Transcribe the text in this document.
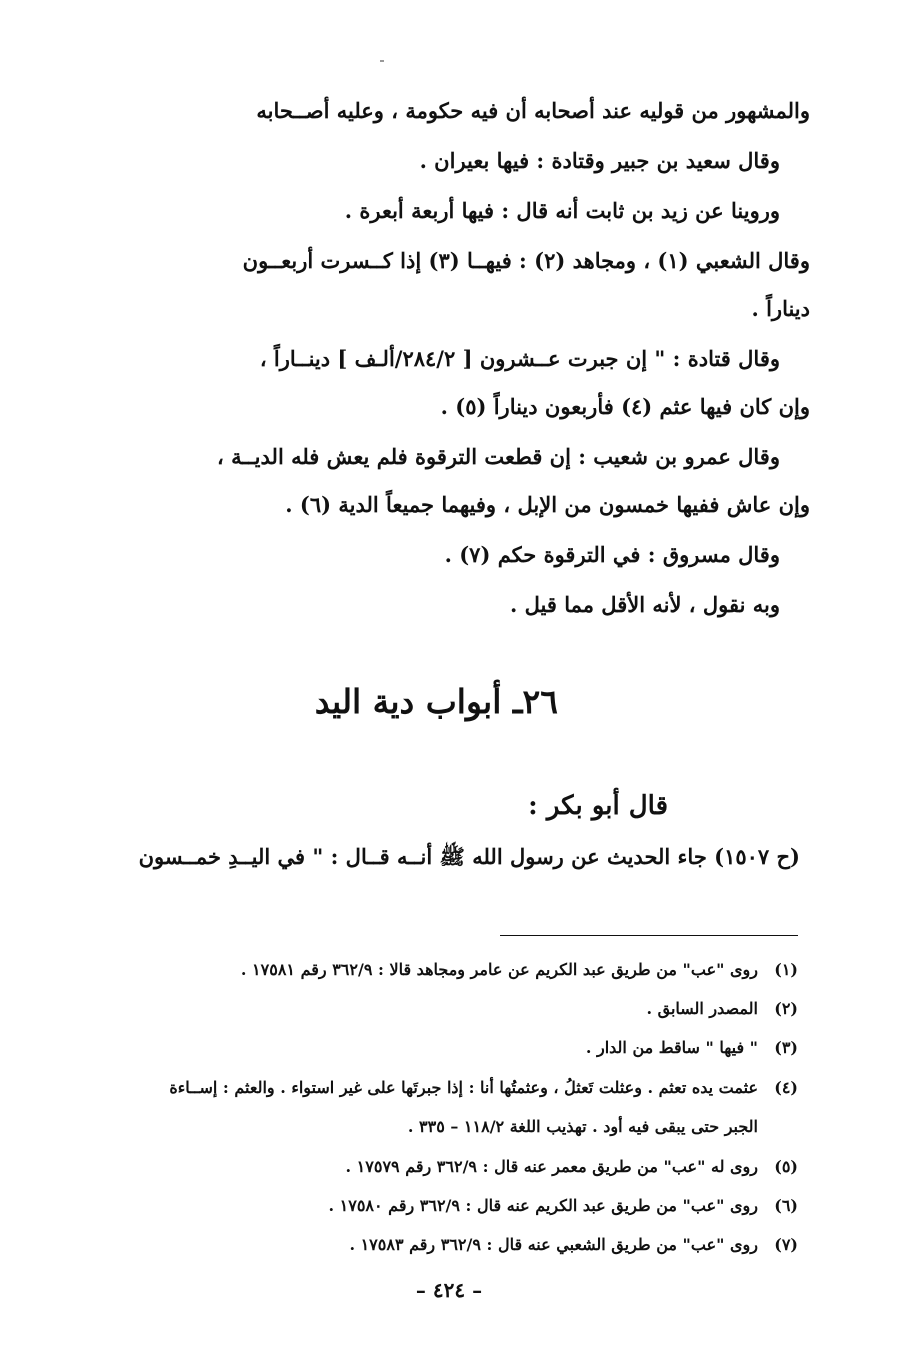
والمشهور من قوليه عند أصحابه أن فيه حكومة ، وعليه أصــحابه
وقال سعيد بن جبير وقتادة : فيها بعيران .
وروينا عن زيد بن ثابت أنه قال : فيها أربعة أبعرة .
وقال الشعبي (١) ، ومجاهد (٢) : فيهــا (٣) إذا كــسرت أربعــون
ديناراً .
وقال قتادة : " إن جبرت عــشرون [ ٢٨٤/٢/ألـف ] دينــاراً ،
وإن كان فيها عثم (٤) فأربعون ديناراً (٥) .
وقال عمرو بن شعيب : إن قطعت الترقوة فلم يعش فله الديــة ،
وإن عاش ففيها خمسون من الإبل ، وفيهما جميعاً الدية (٦) .
وقال مسروق : في الترقوة حكم (٧) .
وبه نقول ، لأنه الأقل مما قيل .
٢٦ـ أبواب دية اليد
قال أبو بكر :
(ح ١٥٠٧) جاء الحديث عن رسول الله ﷺ أنــه قــال : " في اليــدِ خمــسون
(١)روى "عب" من طريق عبد الكريم عن عامر ومجاهد قالا : ٣٦٢/٩ رقم ١٧٥٨١ .
(٢)المصدر السابق .
(٣)" فيها " ساقط من الدار .
(٤)عثمت يده تعثم . وعثلت تَعثلُ ، وعثمتُها أنا : إذا جبرتَها على غير استواء . والعثم : إســاءة
الجبر حتى يبقى فيه أود . تهذيب اللغة ١١٨/٢ – ٣٣٥ .
(٥)روى له "عب" من طريق معمر عنه قال : ٣٦٢/٩ رقم ١٧٥٧٩ .
(٦)روى "عب" من طريق عبد الكريم عنه قال : ٣٦٢/٩ رقم ١٧٥٨٠ .
(٧)روى "عب" من طريق الشعبي عنه قال : ٣٦٢/٩ رقم ١٧٥٨٣ .
– ٤٢٤ –
